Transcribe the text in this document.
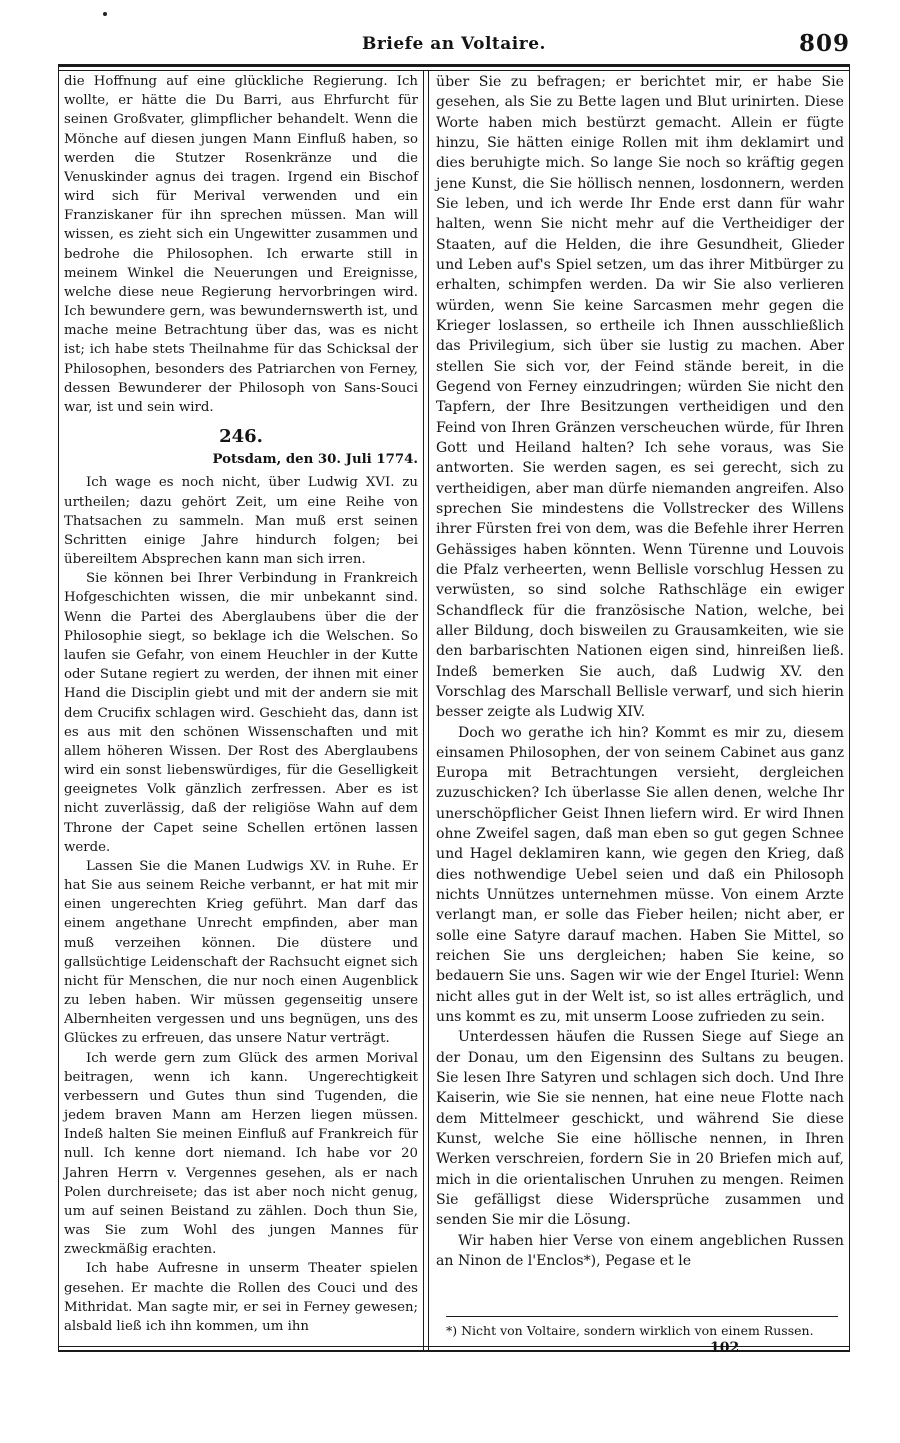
Briefe an Voltaire.	809

die Hoffnung auf eine glückliche Regierung. Ich wollte, er hätte die Du Barri, aus Ehrfurcht für seinen Großvater, glimpflicher behandelt. Wenn die Mönche auf diesen jungen Mann Einfluß haben, so werden die Stutzer Rosenkränze und die Venuskinder agnus dei tragen. Irgend ein Bischof wird sich für Merival verwenden und ein Franziskaner für ihn sprechen müssen. Man will wissen, es zieht sich ein Ungewitter zusammen und bedrohe die Philosophen. Ich erwarte still in meinem Winkel die Neuerungen und Ereignisse, welche diese neue Regierung hervorbringen wird. Ich bewundere gern, was bewundernswerth ist, und mache meine Betrachtung über das, was es nicht ist; ich habe stets Theilnahme für das Schicksal der Philosophen, besonders des Patriarchen von Ferney, dessen Bewunderer der Philosoph von Sans-Souci war, ist und sein wird.

246.

Potsdam, den 30. Juli 1774.

Ich wage es noch nicht, über Ludwig XVI. zu urtheilen; dazu gehört Zeit, um eine Reihe von Thatsachen zu sammeln. Man muß erst seinen Schritten einige Jahre hindurch folgen; bei übereiltem Absprechen kann man sich irren.

Sie können bei Ihrer Verbindung in Frankreich Hofgeschichten wissen, die mir unbekannt sind. Wenn die Partei des Aberglaubens über die der Philosophie siegt, so beklage ich die Welschen. So laufen sie Gefahr, von einem Heuchler in der Kutte oder Sutane regiert zu werden, der ihnen mit einer Hand die Disciplin giebt und mit der andern sie mit dem Crucifix schlagen wird. Geschieht das, dann ist es aus mit den schönen Wissenschaften und mit allem höheren Wissen. Der Rost des Aberglaubens wird ein sonst liebenswürdiges, für die Geselligkeit geeignetes Volk gänzlich zerfressen. Aber es ist nicht zuverlässig, daß der religiöse Wahn auf dem Throne der Capet seine Schellen ertönen lassen werde.

Lassen Sie die Manen Ludwigs XV. in Ruhe. Er hat Sie aus seinem Reiche verbannt, er hat mit mir einen ungerechten Krieg geführt. Man darf das einem angethane Unrecht empfinden, aber man muß verzeihen können. Die düstere und gallsüchtige Leidenschaft der Rachsucht eignet sich nicht für Menschen, die nur noch einen Augenblick zu leben haben. Wir müssen gegenseitig unsere Albernheiten vergessen und uns begnügen, uns des Glückes zu erfreuen, das unsere Natur verträgt.

Ich werde gern zum Glück des armen Morival beitragen, wenn ich kann. Ungerechtigkeit verbessern und Gutes thun sind Tugenden, die jedem braven Mann am Herzen liegen müssen. Indeß halten Sie meinen Einfluß auf Frankreich für null. Ich kenne dort niemand. Ich habe vor 20 Jahren Herrn v. Vergennes gesehen, als er nach Polen durchreisete; das ist aber noch nicht genug, um auf seinen Beistand zu zählen. Doch thun Sie, was Sie zum Wohl des jungen Mannes für zweckmäßig erachten.

Ich habe Aufresne in unserm Theater spielen gesehen. Er machte die Rollen des Couci und des Mithridat. Man sagte mir, er sei in Ferney gewesen; alsbald ließ ich ihn kommen, um ihn

über Sie zu befragen; er berichtet mir, er habe Sie gesehen, als Sie zu Bette lagen und Blut urinirten. Diese Worte haben mich bestürzt gemacht. Allein er fügte hinzu, Sie hätten einige Rollen mit ihm deklamirt und dies beruhigte mich. So lange Sie noch so kräftig gegen jene Kunst, die Sie höllisch nennen, losdonnern, werden Sie leben, und ich werde Ihr Ende erst dann für wahr halten, wenn Sie nicht mehr auf die Vertheidiger der Staaten, auf die Helden, die ihre Gesundheit, Glieder und Leben auf's Spiel setzen, um das ihrer Mitbürger zu erhalten, schimpfen werden. Da wir Sie also verlieren würden, wenn Sie keine Sarcasmen mehr gegen die Krieger loslassen, so ertheile ich Ihnen ausschließlich das Privilegium, sich über sie lustig zu machen. Aber stellen Sie sich vor, der Feind stände bereit, in die Gegend von Ferney einzudringen; würden Sie nicht den Tapfern, der Ihre Besitzungen vertheidigen und den Feind von Ihren Gränzen verscheuchen würde, für Ihren Gott und Heiland halten? Ich sehe voraus, was Sie antworten. Sie werden sagen, es sei gerecht, sich zu vertheidigen, aber man dürfe niemanden angreifen. Also sprechen Sie mindestens die Vollstrecker des Willens ihrer Fürsten frei von dem, was die Befehle ihrer Herren Gehässiges haben könnten. Wenn Türenne und Louvois die Pfalz verheerten, wenn Bellisle vorschlug Hessen zu verwüsten, so sind solche Rathschläge ein ewiger Schandfleck für die französische Nation, welche, bei aller Bildung, doch bisweilen zu Grausamkeiten, wie sie den barbarischten Nationen eigen sind, hinreißen ließ. Indeß bemerken Sie auch, daß Ludwig XV. den Vorschlag des Marschall Bellisle verwarf, und sich hierin besser zeigte als Ludwig XIV.

Doch wo gerathe ich hin? Kommt es mir zu, diesem einsamen Philosophen, der von seinem Cabinet aus ganz Europa mit Betrachtungen versieht, dergleichen zuzuschicken? Ich überlasse Sie allen denen, welche Ihr unerschöpflicher Geist Ihnen liefern wird. Er wird Ihnen ohne Zweifel sagen, daß man eben so gut gegen Schnee und Hagel deklamiren kann, wie gegen den Krieg, daß dies nothwendige Uebel seien und daß ein Philosoph nichts Unnützes unternehmen müsse. Von einem Arzte verlangt man, er solle das Fieber heilen; nicht aber, er solle eine Satyre darauf machen. Haben Sie Mittel, so reichen Sie uns dergleichen; haben Sie keine, so bedauern Sie uns. Sagen wir wie der Engel Ituriel: Wenn nicht alles gut in der Welt ist, so ist alles erträglich, und uns kommt es zu, mit unserm Loose zufrieden zu sein.

Unterdessen häufen die Russen Siege auf Siege an der Donau, um den Eigensinn des Sultans zu beugen. Sie lesen Ihre Satyren und schlagen sich doch. Und Ihre Kaiserin, wie Sie sie nennen, hat eine neue Flotte nach dem Mittelmeer geschickt, und während Sie diese Kunst, welche Sie eine höllische nennen, in Ihren Werken verschreien, fordern Sie in 20 Briefen mich auf, mich in die orientalischen Unruhen zu mengen. Reimen Sie gefälligst diese Widersprüche zusammen und senden Sie mir die Lösung.

Wir haben hier Verse von einem angeblichen Russen an Ninon de l'Enclos*), Pegase et le

*) Nicht von Voltaire, sondern wirklich von einem Russen.
102
